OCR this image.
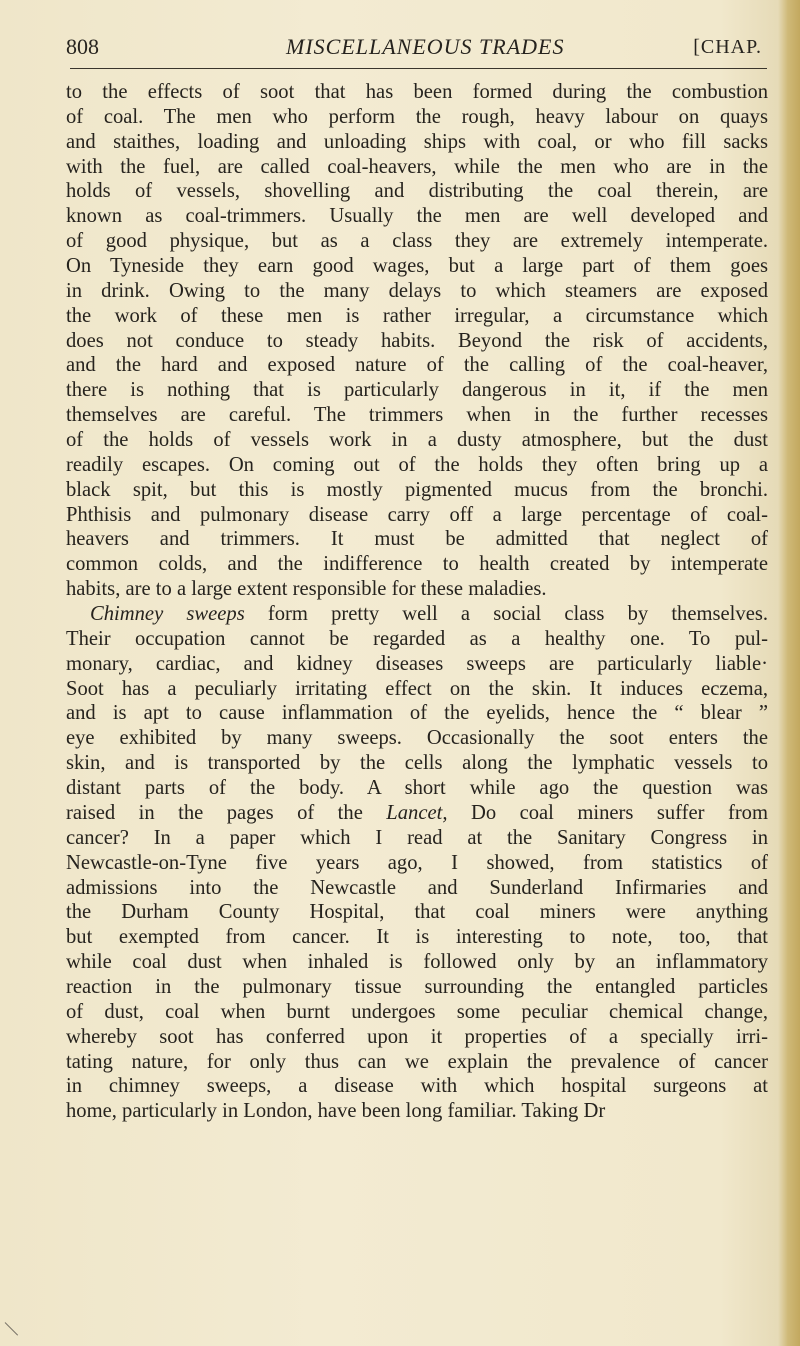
808	MISCELLANEOUS TRADES	[CHAP.
to the effects of soot that has been formed during the combustion
of coal. The men who perform the rough, heavy labour on quays
and staithes, loading and unloading ships with coal, or who fill sacks
with the fuel, are called coal-heavers, while the men who are in the
holds of vessels, shovelling and distributing the coal therein, are
known as coal-trimmers. Usually the men are well developed and
of good physique, but as a class they are extremely intemperate.
On Tyneside they earn good wages, but a large part of them goes
in drink. Owing to the many delays to which steamers are exposed
the work of these men is rather irregular, a circumstance which
does not conduce to steady habits. Beyond the risk of accidents,
and the hard and exposed nature of the calling of the coal-heaver,
there is nothing that is particularly dangerous in it, if the men
themselves are careful. The trimmers when in the further recesses
of the holds of vessels work in a dusty atmosphere, but the dust
readily escapes. On coming out of the holds they often bring up a
black spit, but this is mostly pigmented mucus from the bronchi.
Phthisis and pulmonary disease carry off a large percentage of coal-
heavers and trimmers. It must be admitted that neglect of
common colds, and the indifference to health created by intemperate
habits, are to a large extent responsible for these maladies.
Chimney sweeps form pretty well a social class by themselves.
Their occupation cannot be regarded as a healthy one. To pul-
monary, cardiac, and kidney diseases sweeps are particularly liable·
Soot has a peculiarly irritating effect on the skin. It induces eczema,
and is apt to cause inflammation of the eyelids, hence the “ blear ”
eye exhibited by many sweeps. Occasionally the soot enters the
skin, and is transported by the cells along the lymphatic vessels to
distant parts of the body. A short while ago the question was
raised in the pages of the Lancet, Do coal miners suffer from
cancer? In a paper which I read at the Sanitary Congress in
Newcastle-on-Tyne five years ago, I showed, from statistics of
admissions into the Newcastle and Sunderland Infirmaries and
the Durham County Hospital, that coal miners were anything
but exempted from cancer. It is interesting to note, too, that
while coal dust when inhaled is followed only by an inflammatory
reaction in the pulmonary tissue surrounding the entangled particles
of dust, coal when burnt undergoes some peculiar chemical change,
whereby soot has conferred upon it properties of a specially irri-
tating nature, for only thus can we explain the prevalence of cancer
in chimney sweeps, a disease with which hospital surgeons at
home, particularly in London, have been long familiar. Taking Dr
